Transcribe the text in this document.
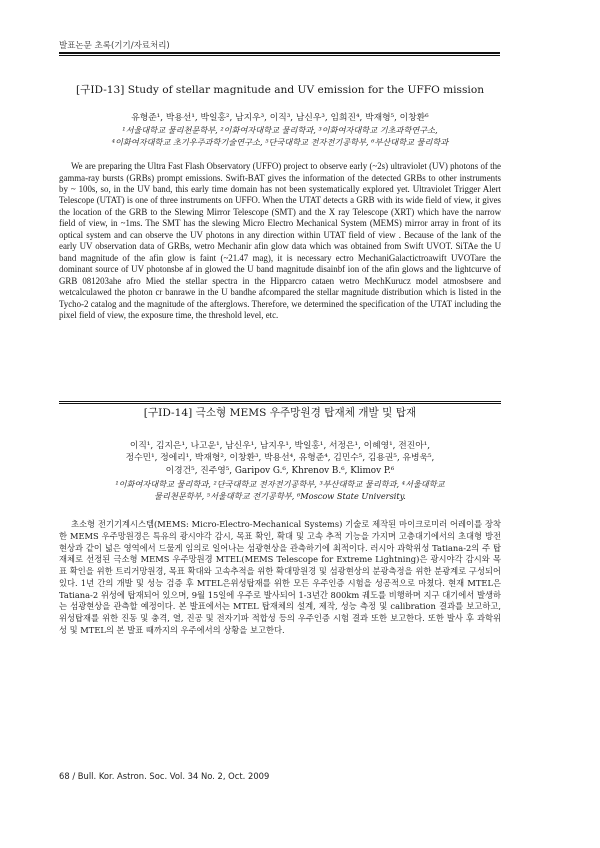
발표논문 초록(기기/자료처리)
[구ID-13] Study of stellar magnitude and UV emission for the UFFO mission
유형준¹, 박용선¹, 박일홍², 남지우³, 이직³, 남신우³, 임희진⁴, 박재형⁵, 이창환⁶
¹서울대학교 물리천문학부, ²이화여자대학교 물리학과, ³이화여자대학교 기초과학연구소,
⁴이화여자대학교 초기우주과학기술연구소, ⁵단국대학교 전자전기공학부, ⁶부산대학교 물리학과
We are preparing the Ultra Fast Flash Observatory (UFFO) project to observe early (~2s) ultraviolet (UV) photons of the gamma-ray bursts (GRBs) prompt emissions. Swift-BAT gives the information of the detected GRBs to other instruments by ~ 100s, so, in the UV band, this early time domain has not been systematically explored yet. Ultraviolet Trigger Alert Telescope (UTAT) is one of three instruments on UFFO. When the UTAT detects a GRB with its wide field of view, it gives the location of the GRB to the Slewing Mirror Telescope (SMT) and the X ray Telescope (XRT) which have the narrow field of view, in ~1ms. The SMT has the slewing Micro Electro Mechanical System (MEMS) mirror array in front of its optical system and can observe the UV photons in any direction within UTAT field of view . Because of the lank of the early UV observation data of GRBs, wetro Mechanir afin glow data which was obtained from Swift UVOT. SiTAe the U band magnitude of the afin glow is faint (~21.47 mag), it is necessary ectro MechaniGalactictroawift UVOTare the dominant source of UV photonsbe af in glowed the U band magnitude disainbf ion of the afin glows and the lightcurve of GRB 081203ahe afro Mied the stellar spectra in the Hipparcro cataen wetro MechKurucz model atmosbsere and wetcalculawed the photon cr banrawe in the U bandhe afcompared the stellar magnitude distribution which is listed in the Tycho-2 catalog and the magnitude of the afterglows. Therefore, we determined the specification of the UTAT including the pixel field of view, the exposure time, the threshold level, etc.
[구ID-14] 극소형 MEMS 우주망원경 탑재체 개발 및 탑재
이직¹, 김지은¹, 나고운¹, 남신우¹, 남지우¹, 박일홍¹, 서정은¹, 이혜영¹, 전진아¹,
정수민¹, 정에리¹, 박재형², 이창환³, 박용선⁴, 유형준⁴, 김민수⁵, 김용권⁵, 유병욱⁵,
이경건⁵, 진주영⁵, Garipov G.⁶, Khrenov B.⁶, Klimov P.⁶
¹이화여자대학교 물리학과, ²단국대학교 전자전기공학부, ³부산대학교 물리학과, ⁴서울대학교
물리천문학부, ⁵서울대학교 전기공학부, ⁶Moscow State University.
초소형 전기기계시스템(MEMS: Micro-Electro-Mechanical Systems) 기술로 제작된 마이크로미러 어레이를 장착한 MEMS 우주망원경은 특유의 광시야각 감시, 목표 확인, 확대 및 고속 추적 기능을 가지며 고층대기에서의 초대형 방전현상과 같이 넓은 영역에서 드물게 임의로 일어나는 섬광현상을 관측하기에 최적이다. 러시아 과학위성 Tatiana-2의 주 탑재체로 선정된 극소형 MEMS 우주망원경 MTEL(MEMS Telescope for Extreme Lightning)은 광시야각 감시와 목표 확인을 위한 트리거망원경, 목표 확대와 고속추적을 위한 확대망원경 및 섬광현상의 분광측정을 위한 분광계로 구성되어 있다. 1년 간의 개발 및 성능 검증 후 MTEL은위성탑재를 위한 모든 우주인증 시험을 성공적으로 마쳤다. 현재 MTEL은 Tatiana-2 위성에 탑재되어 있으며, 9월 15일에 우주로 발사되어 1-3년간 800km 궤도를 비행하며 지구 대기에서 발생하는 섬광현상을 관측할 예정이다. 본 발표에서는 MTEL 탑재체의 설계, 제작, 성능 측정 및 calibration 결과를 보고하고, 위성탑재를 위한 진동 및 충격, 열, 진공 및 전자기파 적합성 등의 우주인증 시험 결과 또한 보고한다. 또한 발사 후 과학위성 및 MTEL의 본 발표 때까지의 우주에서의 상황을 보고한다.
68 / Bull. Kor. Astron. Soc. Vol. 34 No. 2, Oct. 2009
